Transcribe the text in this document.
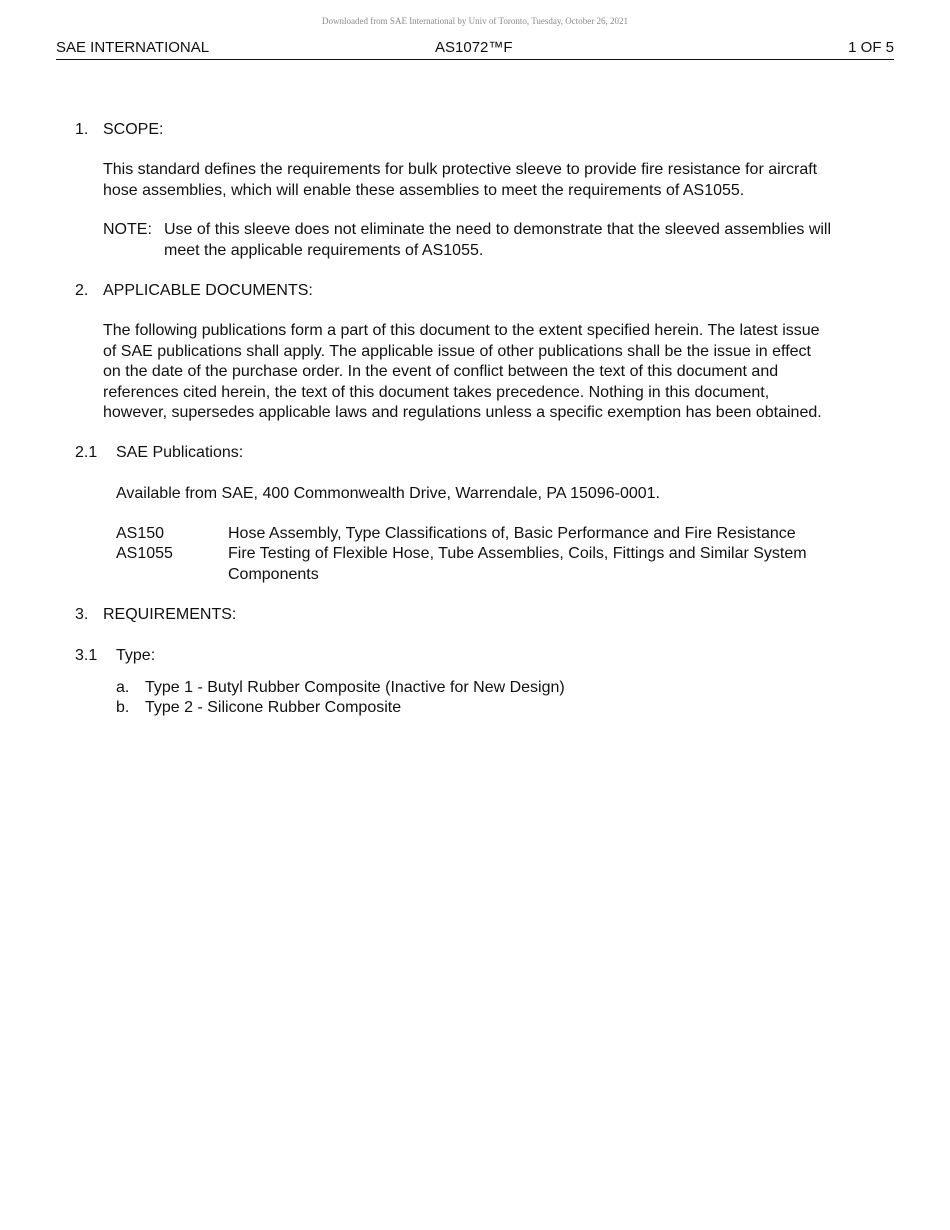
Downloaded from SAE International by Univ of Toronto, Tuesday, October 26, 2021
SAE INTERNATIONAL	AS1072™F	1 OF 5
1. SCOPE:
This standard defines the requirements for bulk protective sleeve to provide fire resistance for aircraft
hose assemblies, which will enable these assemblies to meet the requirements of AS1055.
NOTE: Use of this sleeve does not eliminate the need to demonstrate that the sleeved assemblies will
meet the applicable requirements of AS1055.
2. APPLICABLE DOCUMENTS:
The following publications form a part of this document to the extent specified herein. The latest issue
of SAE publications shall apply. The applicable issue of other publications shall be the issue in effect
on the date of the purchase order. In the event of conflict between the text of this document and
references cited herein, the text of this document takes precedence. Nothing in this document,
however, supersedes applicable laws and regulations unless a specific exemption has been obtained.
2.1 SAE Publications:
Available from SAE, 400 Commonwealth Drive, Warrendale, PA 15096-0001.
AS150	Hose Assembly, Type Classifications of, Basic Performance and Fire Resistance
AS1055	Fire Testing of Flexible Hose, Tube Assemblies, Coils, Fittings and Similar System
Components
3. REQUIREMENTS:
3.1 Type:
a. Type 1 - Butyl Rubber Composite (Inactive for New Design)
b. Type 2 - Silicone Rubber Composite
